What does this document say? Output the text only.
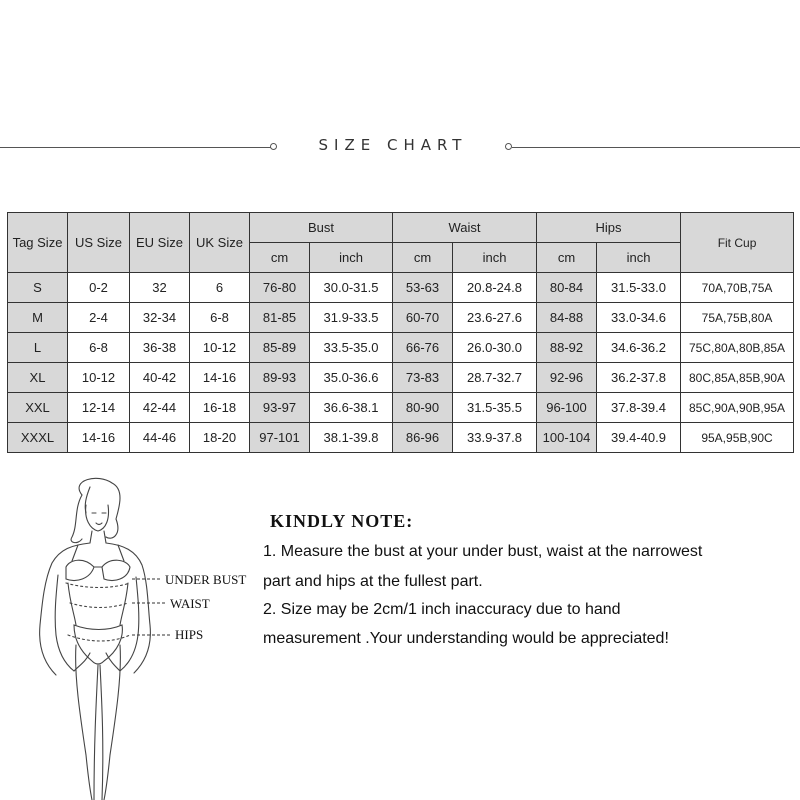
SIZE CHART
Tag Size	US Size	EU Size	UK Size	Bust		Waist		Hips		Fit Cup
				cm	inch	cm	inch	cm	inch	
S	0-2	32	6	76-80	30.0-31.5	53-63	20.8-24.8	80-84	31.5-33.0	70A,70B,75A
M	2-4	32-34	6-8	81-85	31.9-33.5	60-70	23.6-27.6	84-88	33.0-34.6	75A,75B,80A
L	6-8	36-38	10-12	85-89	33.5-35.0	66-76	26.0-30.0	88-92	34.6-36.2	75C,80A,80B,85A
XL	10-12	40-42	14-16	89-93	35.0-36.6	73-83	28.7-32.7	92-96	36.2-37.8	80C,85A,85B,90A
XXL	12-14	42-44	16-18	93-97	36.6-38.1	80-90	31.5-35.5	96-100	37.8-39.4	85C,90A,90B,95A
XXXL	14-16	44-46	18-20	97-101	38.1-39.8	86-96	33.9-37.8	100-104	39.4-40.9	95A,95B,90C
UNDER BUST
WAIST
HIPS
KINDLY NOTE:
1. Measure the bust at your under bust, waist at the narrowest
part and hips at the fullest part.
2. Size may be 2cm/1 inch inaccuracy due to hand
measurement .Your understanding would be appreciated!
